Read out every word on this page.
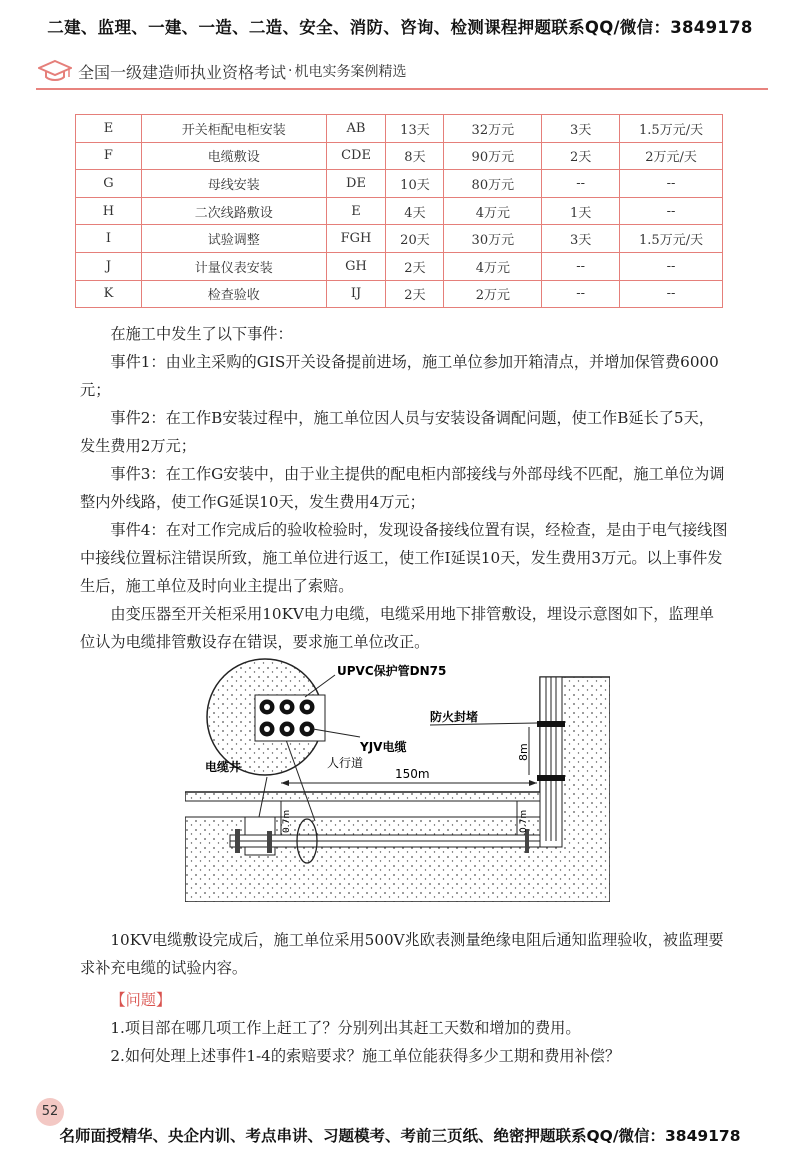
二建、监理、一建、一造、二造、安全、消防、咨询、检测课程押题联系QQ/微信：3849178
全国一级建造师执业资格考试 · 机电实务案例精选
E	开关柜配电柜安装	AB	13天	32万元	3天	1.5万元/天
F	电缆敷设	CDE	8天	90万元	2天	2万元/天
G	母线安装	DE	10天	80万元	--	--
H	二次线路敷设	E	4天	4万元	1天	--
I	试验调整	FGH	20天	30万元	3天	1.5万元/天
J	计量仪表安装	GH	2天	4万元	--	--
K	检查验收	IJ	2天	2万元	--	--

在施工中发生了以下事件：

事件1：由业主采购的GIS开关设备提前进场，施工单位参加开箱清点，并增加保管费6000元；

事件2：在工作B安装过程中，施工单位因人员与安装设备调配问题，使工作B延长了5天，发生费用2万元；

事件3：在工作G安装中，由于业主提供的配电柜内部接线与外部母线不匹配，施工单位为调整内外线路，使工作G延误10天，发生费用4万元；

事件4：在对工作完成后的验收检验时，发现设备接线位置有误，经检查，是由于电气接线图中接线位置标注错误所致，施工单位进行返工，使工作I延误10天，发生费用3万元。以上事件发生后，施工单位及时向业主提出了索赔。

由变压器至开关柜采用10KV电力电缆，电缆采用地下排管敷设，埋设示意图如下，监理单位认为电缆排管敷设存在错误，要求施工单位改正。

0.7m	0.7m
8m
150m
UPVC保护管DN75
防火封堵
YJV电缆
人行道
电缆井

10KV电缆敷设完成后，施工单位采用500V兆欧表测量绝缘电阻后通知监理验收，被监理要求补充电缆的试验内容。

【问题】

1.项目部在哪几项工作上赶工了？分别列出其赶工天数和增加的费用。

2.如何处理上述事件1-4的索赔要求？施工单位能获得多少工期和费用补偿？

52
名师面授精华、央企内训、考点串讲、习题模考、考前三页纸、绝密押题联系QQ/微信：3849178
